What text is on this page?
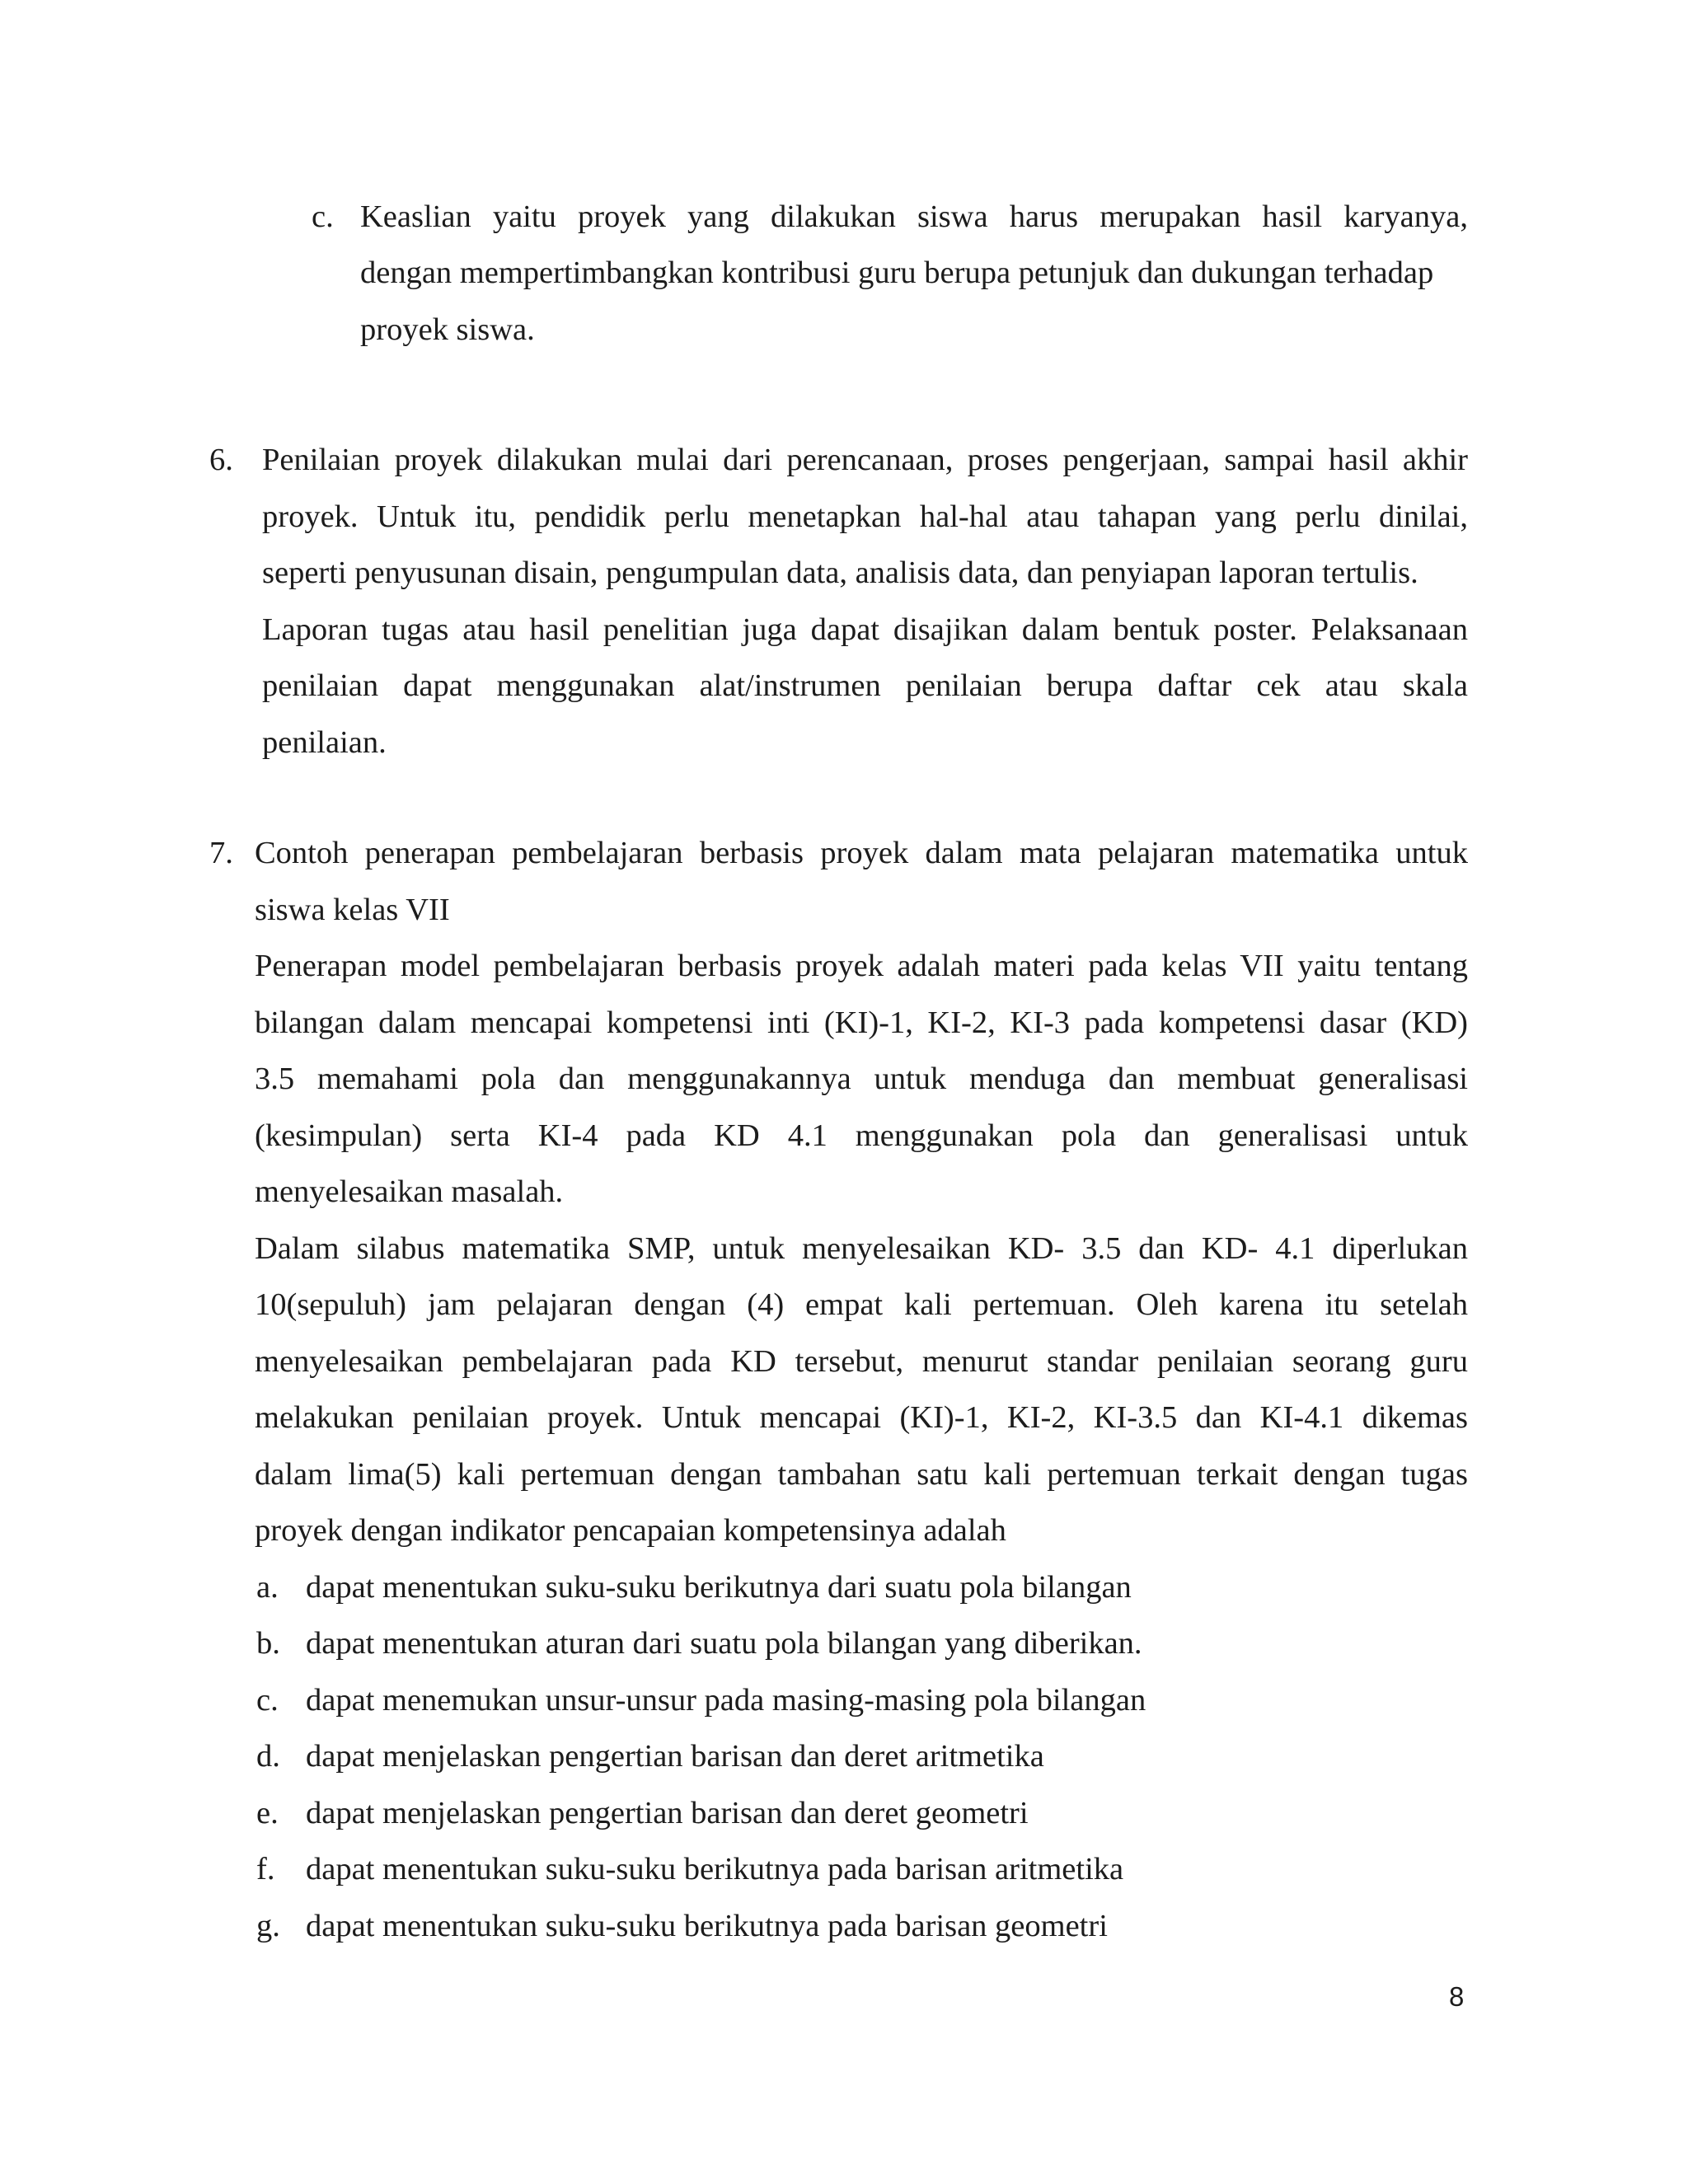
c. Keaslian yaitu proyek yang dilakukan siswa harus merupakan hasil karyanya,
dengan mempertimbangkan kontribusi guru berupa petunjuk dan dukungan terhadap
proyek siswa.
6. Penilaian proyek dilakukan mulai dari perencanaan, proses pengerjaan, sampai hasil akhir
proyek. Untuk itu, pendidik perlu menetapkan hal-hal atau tahapan yang perlu dinilai,
seperti penyusunan disain, pengumpulan data, analisis data, dan penyiapan laporan tertulis.
Laporan tugas atau hasil penelitian juga dapat disajikan dalam bentuk poster. Pelaksanaan
penilaian dapat menggunakan alat/instrumen penilaian berupa daftar cek atau skala
penilaian.
7. Contoh penerapan pembelajaran berbasis proyek dalam mata pelajaran matematika untuk
siswa kelas VII
Penerapan model pembelajaran berbasis proyek adalah materi pada kelas VII yaitu tentang
bilangan dalam mencapai kompetensi inti (KI)-1, KI-2, KI-3 pada kompetensi dasar (KD)
3.5 memahami pola dan menggunakannya untuk menduga dan membuat generalisasi
(kesimpulan) serta KI-4 pada KD 4.1 menggunakan pola dan generalisasi untuk
menyelesaikan masalah.
Dalam silabus matematika SMP, untuk menyelesaikan KD- 3.5 dan KD- 4.1 diperlukan
10(sepuluh) jam pelajaran dengan (4) empat kali pertemuan. Oleh karena itu setelah
menyelesaikan pembelajaran pada KD tersebut, menurut standar penilaian seorang guru
melakukan penilaian proyek. Untuk mencapai (KI)-1, KI-2, KI-3.5 dan KI-4.1 dikemas
dalam lima(5) kali pertemuan dengan tambahan satu kali pertemuan terkait dengan tugas
proyek dengan indikator pencapaian kompetensinya adalah
a. dapat menentukan suku-suku berikutnya dari suatu pola bilangan
b. dapat menentukan aturan dari suatu pola bilangan yang diberikan.
c. dapat menemukan unsur-unsur pada masing-masing pola bilangan
d. dapat menjelaskan pengertian barisan dan deret aritmetika
e. dapat menjelaskan pengertian barisan dan deret geometri
f. dapat menentukan suku-suku berikutnya pada barisan aritmetika
g. dapat menentukan suku-suku berikutnya pada barisan geometri
8
